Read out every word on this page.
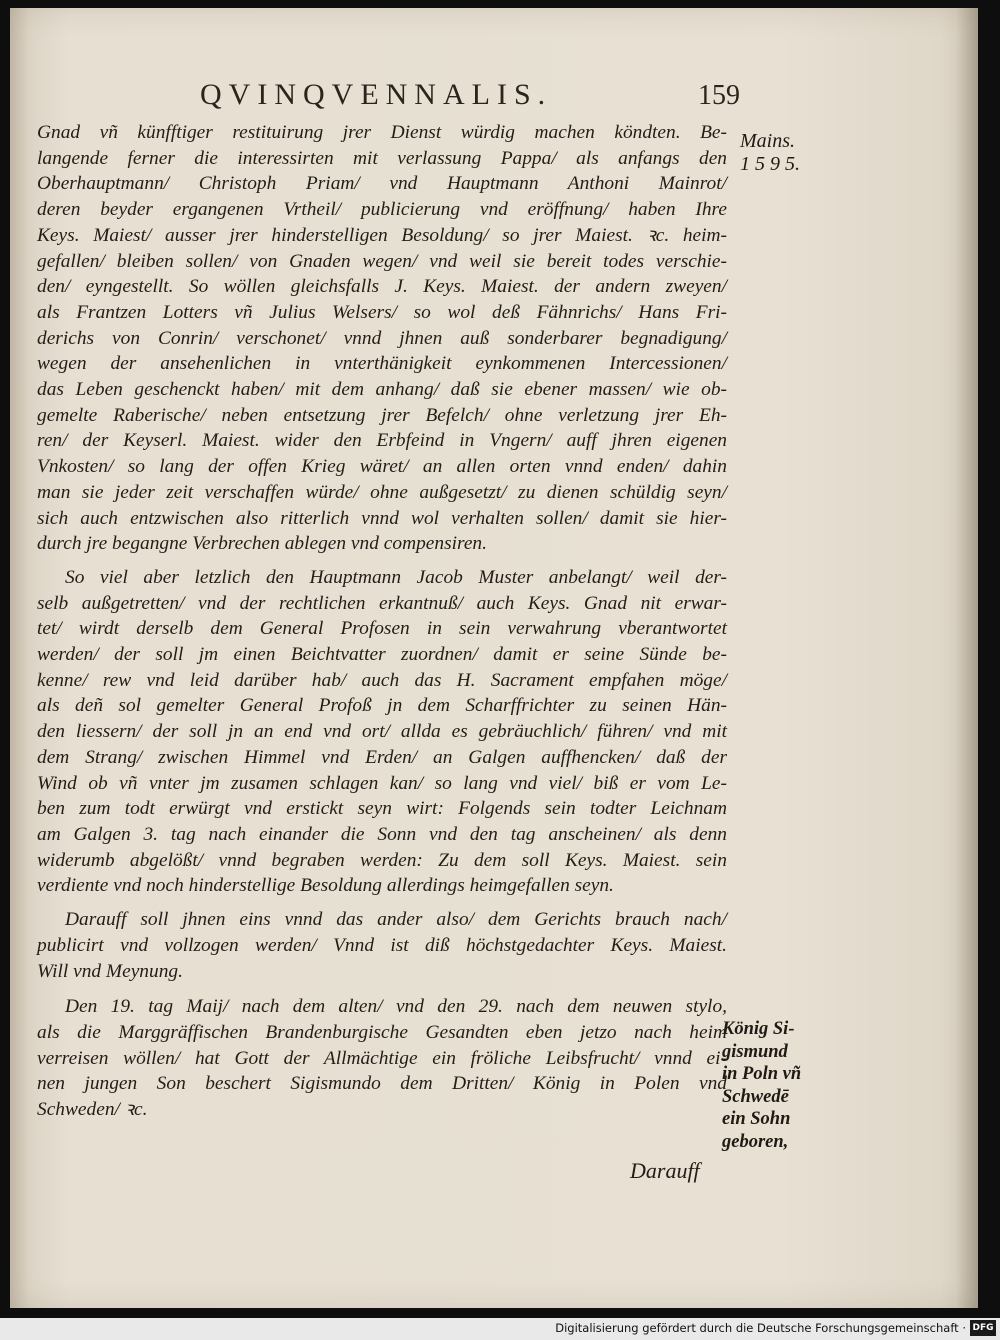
QVINQVENNALIS.	159
Gnad vñ künfftiger restituirung jrer Dienst würdig machen köndten. Be-
langende ferner die interessirten mit verlassung Pappa/ als anfangs den
Oberhauptmann/ Christoph Priam/ vnd Hauptmann Anthoni Mainrot/
deren beyder ergangenen Vrtheil/ publicierung vnd eröffnung/ haben Ihre
Keys. Maiest/ ausser jrer hinderstelligen Besoldung/ so jrer Maiest. ꝛc. heim-
gefallen/ bleiben sollen/ von Gnaden wegen/ vnd weil sie bereit todes verschie-
den/ eyngestellt. So wöllen gleichsfalls J. Keys. Maiest. der andern zweyen/
als Frantzen Lotters vñ Julius Welsers/ so wol deß Fähnrichs/ Hans Fri-
derichs von Conrin/ verschonet/ vnnd jhnen auß sonderbarer begnadigung/
wegen der ansehenlichen in vnterthänigkeit eynkommenen Intercessionen/
das Leben geschenckt haben/ mit dem anhang/ daß sie ebener massen/ wie ob-
gemelte Raberische/ neben entsetzung jrer Befelch/ ohne verletzung jrer Eh-
ren/ der Keyserl. Maiest. wider den Erbfeind in Vngern/ auff jhren eigenen
Vnkosten/ so lang der offen Krieg wäret/ an allen orten vnnd enden/ dahin
man sie jeder zeit verschaffen würde/ ohne außgesetzt/ zu dienen schüldig seyn/
sich auch entzwischen also ritterlich vnnd wol verhalten sollen/ damit sie hier-
durch jre begangne Verbrechen ablegen vnd compensiren.
So viel aber letzlich den Hauptmann Jacob Muster anbelangt/ weil der-
selb außgetretten/ vnd der rechtlichen erkantnuß/ auch Keys. Gnad nit erwar-
tet/ wirdt derselb dem General Profosen in sein verwahrung vberantwortet
werden/ der soll jm einen Beichtvatter zuordnen/ damit er seine Sünde be-
kenne/ rew vnd leid darüber hab/ auch das H. Sacrament empfahen möge/
als deñ sol gemelter General Profoß jn dem Scharffrichter zu seinen Hän-
den liessern/ der soll jn an end vnd ort/ allda es gebräuchlich/ führen/ vnd mit
dem Strang/ zwischen Himmel vnd Erden/ an Galgen auffhencken/ daß der
Wind ob vñ vnter jm zusamen schlagen kan/ so lang vnd viel/ biß er vom Le-
ben zum todt erwürgt vnd erstickt seyn wirt: Folgends sein todter Leichnam
am Galgen 3. tag nach einander die Sonn vnd den tag anscheinen/ als denn
widerumb abgelößt/ vnnd begraben werden: Zu dem soll Keys. Maiest. sein
verdiente vnd noch hinderstellige Besoldung allerdings heimgefallen seyn.
Darauff soll jhnen eins vnnd das ander also/ dem Gerichts brauch nach/
publicirt vnd vollzogen werden/ Vnnd ist diß höchstgedachter Keys. Maiest.
Will vnd Meynung.
Den 19. tag Maij/ nach dem alten/ vnd den 29. nach dem neuwen stylo,
als die Marggräffischen Brandenburgische Gesandten eben jetzo nach heim
verreisen wöllen/ hat Gott der Allmächtige ein fröliche Leibsfrucht/ vnnd ei-
nen jungen Son beschert Sigismundo dem Dritten/ König in Polen vnd
Schweden/ ꝛc.
Mains.
1 5 9 5.
König Si-
gismund
in Poln vñ
Schwedē
ein Sohn
geboren,
Darauff
Digitalisierung gefördert durch die Deutsche Forschungsgemeinschaft · DFG
